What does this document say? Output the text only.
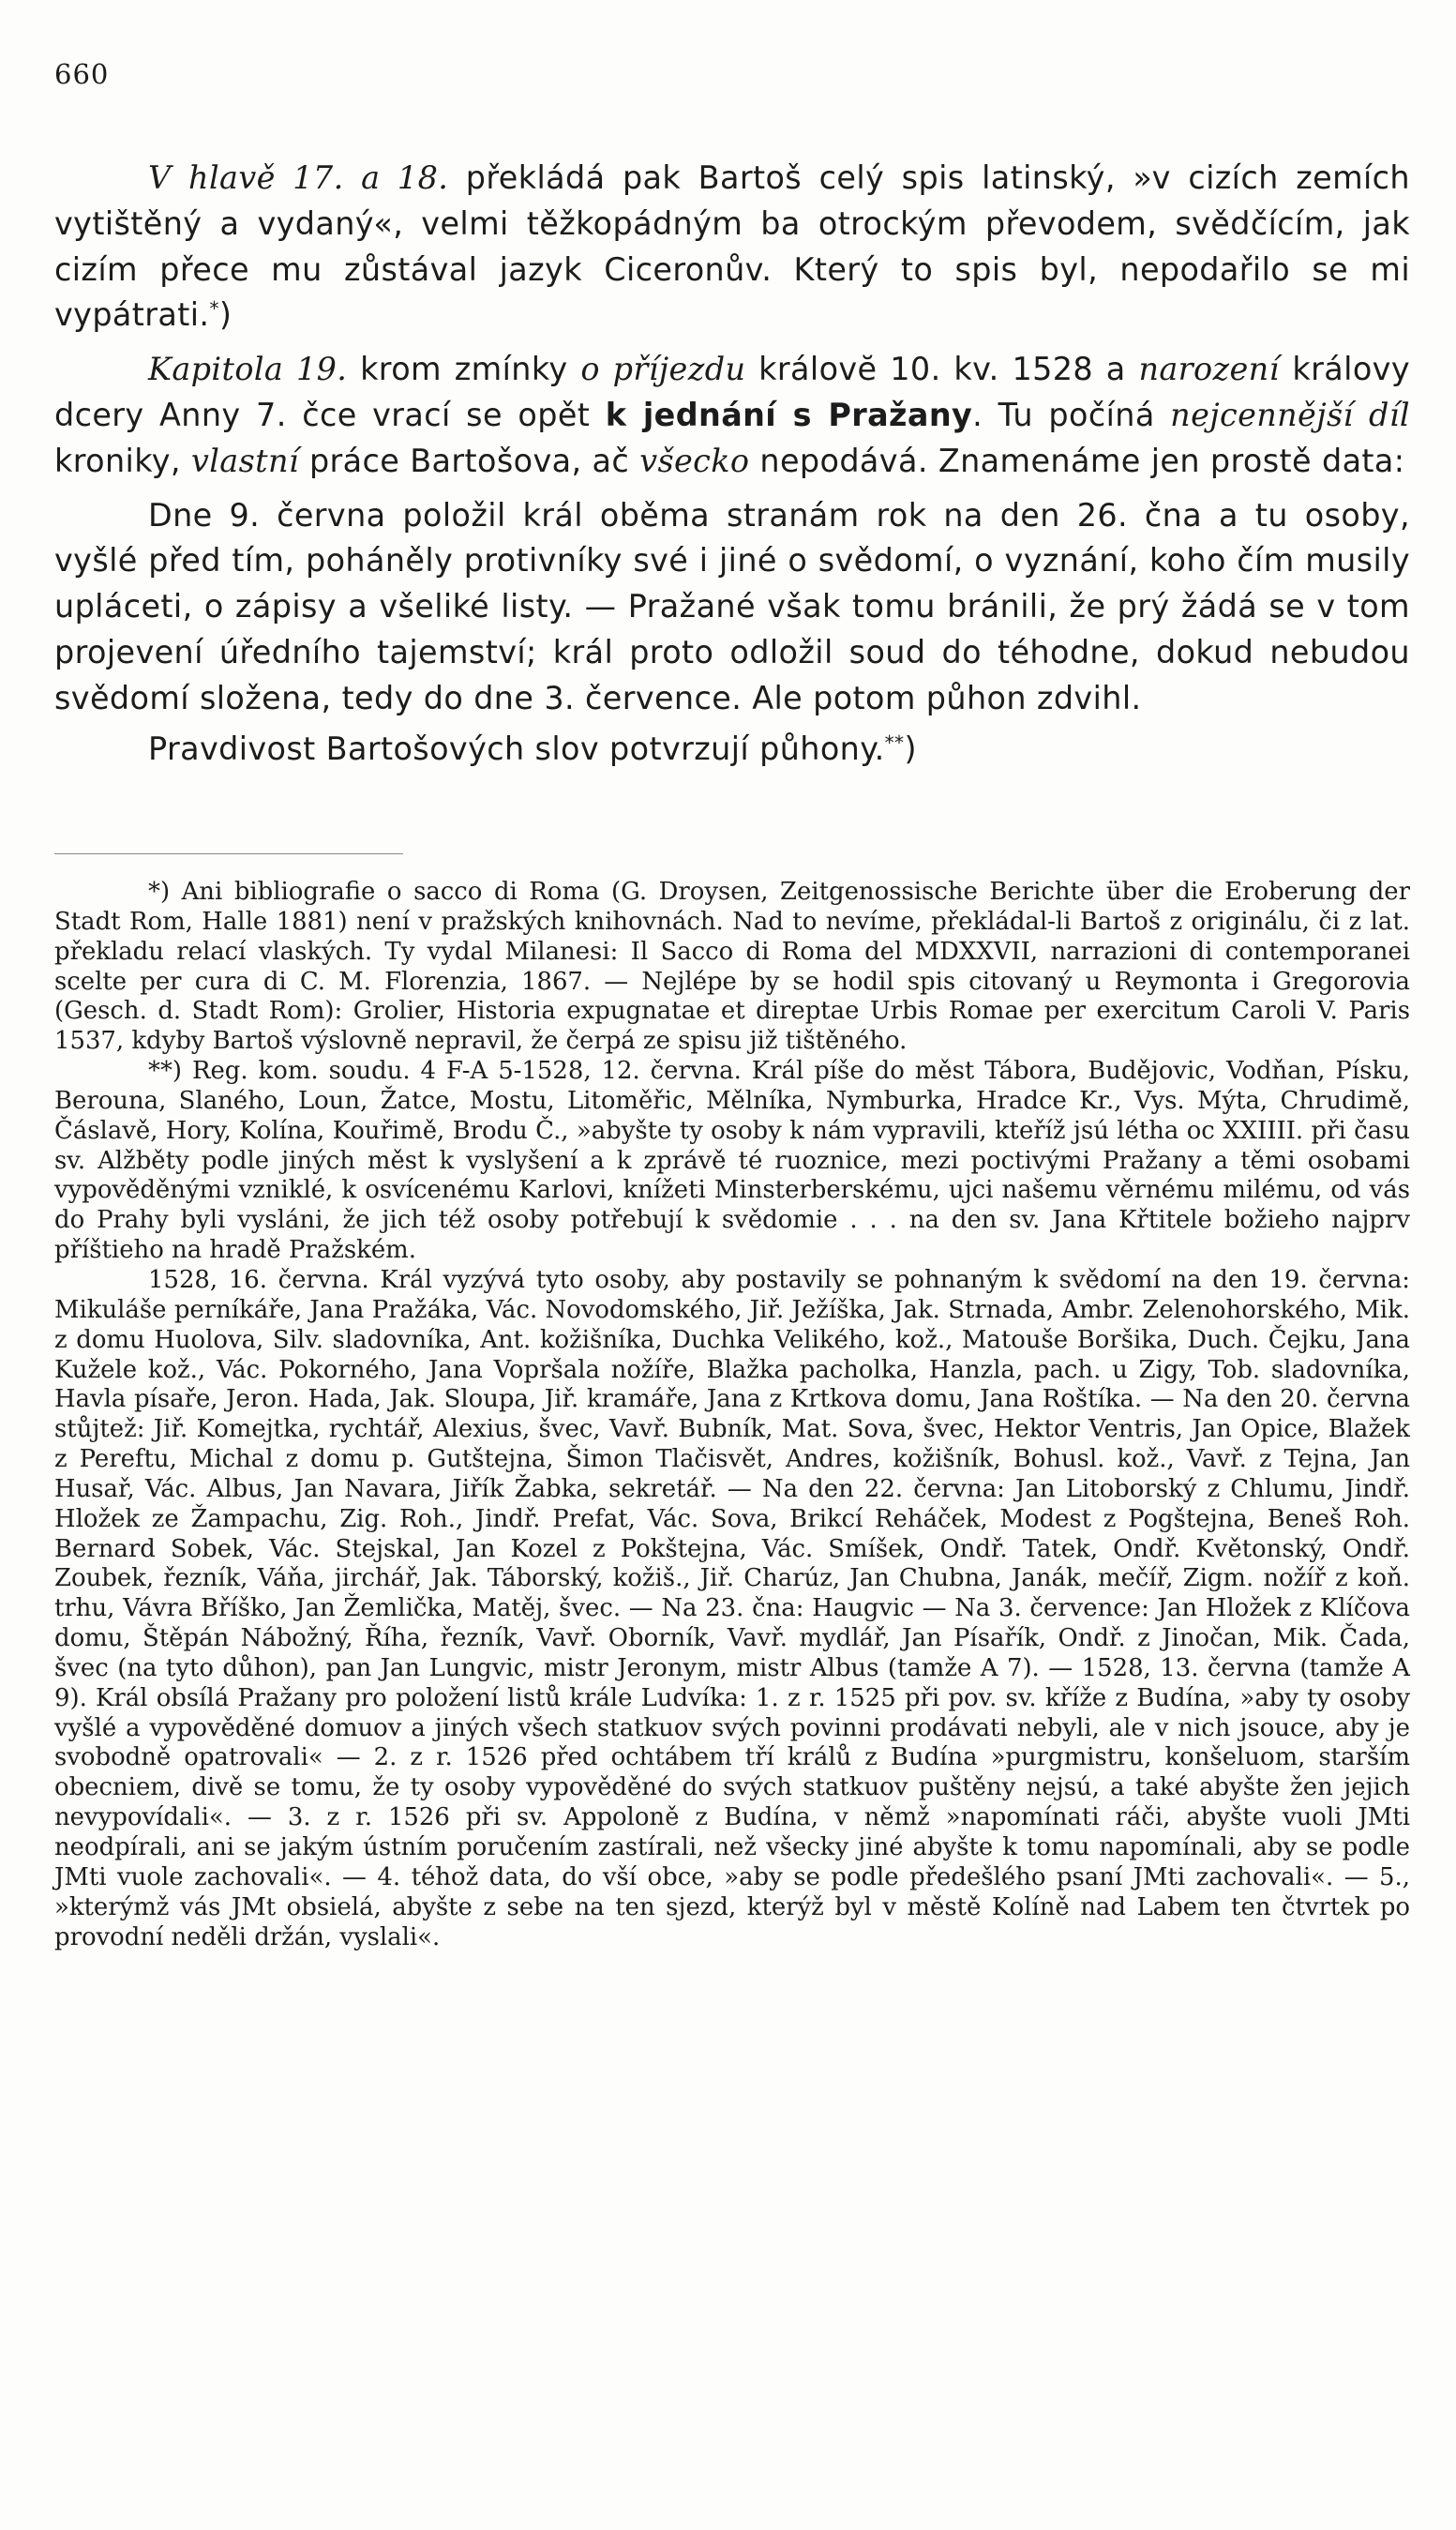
660

V hlavě 17. a 18. překládá pak Bartoš celý spis latinský, »v cizích zemích vytištěný a vydaný«, velmi těžkopádným ba otrockým převodem, svědčícím, jak cizím přece mu zůstával jazyk Ciceronův. Který to spis byl, nepodařilo se mi vypátrati.*)

Kapitola 19. krom zmínky o příjezdu královĕ 10. kv. 1528 a narození královy dcery Anny 7. čce vrací se opět k jednání s Pražany. Tu počíná nejcennější díl kroniky, vlastní práce Bartošova, ač všecko nepodává. Znamenáme jen prostě data:

Dne 9. června položil král oběma stranám rok na den 26. čna a tu osoby, vyšlé před tím, poháněly protivníky své i jiné o svědomí, o vyznání, koho čím musily upláceti, o zápisy a všeliké listy. — Pražané však tomu bránili, že prý žádá se v tom projevení úředního tajemství; král proto odložil soud do téhodne, dokud nebudou svědomí složena, tedy do dne 3. července. Ale potom půhon zdvihl.

Pravdivost Bartošových slov potvrzují půhony.**)

*) Ani bibliografie o sacco di Roma (G. Droysen, Zeitgenossische Berichte über die Eroberung der Stadt Rom, Halle 1881) není v pražských knihovnách. Nad to nevíme, překládal-li Bartoš z originálu, či z lat. překladu relací vlaských. Ty vydal Milanesi: Il Sacco di Roma del MDXXVII, narrazioni di contemporanei scelte per cura di C. M. Florenzia, 1867. — Nejlépe by se hodil spis citovaný u Reymonta i Gregorovia (Gesch. d. Stadt Rom): Grolier, Historia expugnatae et direptae Urbis Romae per exercitum Caroli V. Paris 1537, kdyby Bartoš výslovně nepravil, že čerpá ze spisu již tištěného.

**) Reg. kom. soudu. 4 F-A 5-1528, 12. června. Král píše do měst Tábora, Budějovic, Vodňan, Písku, Berouna, Slaného, Loun, Žatce, Mostu, Litoměřic, Mělníka, Nymburka, Hradce Kr., Vys. Mýta, Chrudimě, Čáslavě, Hory, Kolína, Kouřimě, Brodu Č., »abyšte ty osoby k nám vypravili, kteříž jsú létha oc XXIIII. při času sv. Alžběty podle jiných měst k vyslyšení a k zprávě té ruoznice, mezi poctivými Pražany a těmi osobami vypověděnými vzniklé, k osvícenému Karlovi, knížeti Minsterberskému, ujci našemu věrnému milému, od vás do Prahy byli vysláni, že jich též osoby potřebují k svědomie . . . na den sv. Jana Křtitele božieho najprv příštieho na hradě Pražském.

1528, 16. června. Král vyzývá tyto osoby, aby postavily se pohnaným k svědomí na den 19. června: Mikuláše perníkáře, Jana Pražáka, Vác. Novodomského, Jiř. Ježíška, Jak. Strnada, Ambr. Zelenohorského, Mik. z domu Huolova, Silv. sladovníka, Ant. kožišníka, Duchka Velikého, kož., Matouše Boršika, Duch. Čejku, Jana Kužele kož., Vác. Pokorného, Jana Vopršala nožíře, Blažka pacholka, Hanzla, pach. u Zigy, Tob. sladovníka, Havla písaře, Jeron. Hada, Jak. Sloupa, Jiř. kramáře, Jana z Krtkova domu, Jana Roštíka. — Na den 20. června stůjtež: Jiř. Komejtka, rychtář, Alexius, švec, Vavř. Bubník, Mat. Sova, švec, Hektor Ventris, Jan Opice, Blažek z Pereftu, Michal z domu p. Gutštejna, Šimon Tlačisvět, Andres, kožišník, Bohusl. kož., Vavř. z Tejna, Jan Husař, Vác. Albus, Jan Navara, Jiřík Žabka, sekretář. — Na den 22. června: Jan Litoborský z Chlumu, Jindř. Hložek ze Žampachu, Zig. Roh., Jindř. Prefat, Vác. Sova, Brikcí Reháček, Modest z Pogštejna, Beneš Roh. Bernard Sobek, Vác. Stejskal, Jan Kozel z Pokštejna, Vác. Smíšek, Ondř. Tatek, Ondř. Květonský, Ondř. Zoubek, řezník, Váňa, jirchář, Jak. Táborský, kožiš., Jiř. Charúz, Jan Chubna, Janák, mečíř, Zigm. nožíř z koň. trhu, Vávra Bříško, Jan Žemlička, Matěj, švec. — Na 23. čna: Haugvic — Na 3. července: Jan Hložek z Klíčova domu, Štěpán Nábožný, Říha, řezník, Vavř. Oborník, Vavř. mydlář, Jan Písařík, Ondř. z Jinočan, Mik. Čada, švec (na tyto důhon), pan Jan Lungvic, mistr Jeronym, mistr Albus (tamže A 7). — 1528, 13. června (tamže A 9). Král obsílá Pražany pro položení listů krále Ludvíka: 1. z r. 1525 při pov. sv. kříže z Budína, »aby ty osoby vyšlé a vypověděné domuov a jiných všech statkuov svých povinni prodávati nebyli, ale v nich jsouce, aby je svobodně opatrovali« — 2. z r. 1526 před ochtábem tří králů z Budína »purgmistru, konšeluom, starším obecniem, divě se tomu, že ty osoby vypověděné do svých statkuov puštěny nejsú, a také abyšte žen jejich nevypovídali«. — 3. z r. 1526 při sv. Appoloně z Budína, v němž »napomínati ráči, abyšte vuoli JMti neodpírali, ani se jakým ústním poručením zastírali, než všecky jiné abyšte k tomu napomínali, aby se podle JMti vuole zachovali«. — 4. téhož data, do vší obce, »aby se podle předešlého psaní JMti zachovali«. — 5., »kterýmž vás JMt obsielá, abyšte z sebe na ten sjezd, kterýž byl v městě Kolíně nad Labem ten čtvrtek po provodní neděli držán, vyslali«.
